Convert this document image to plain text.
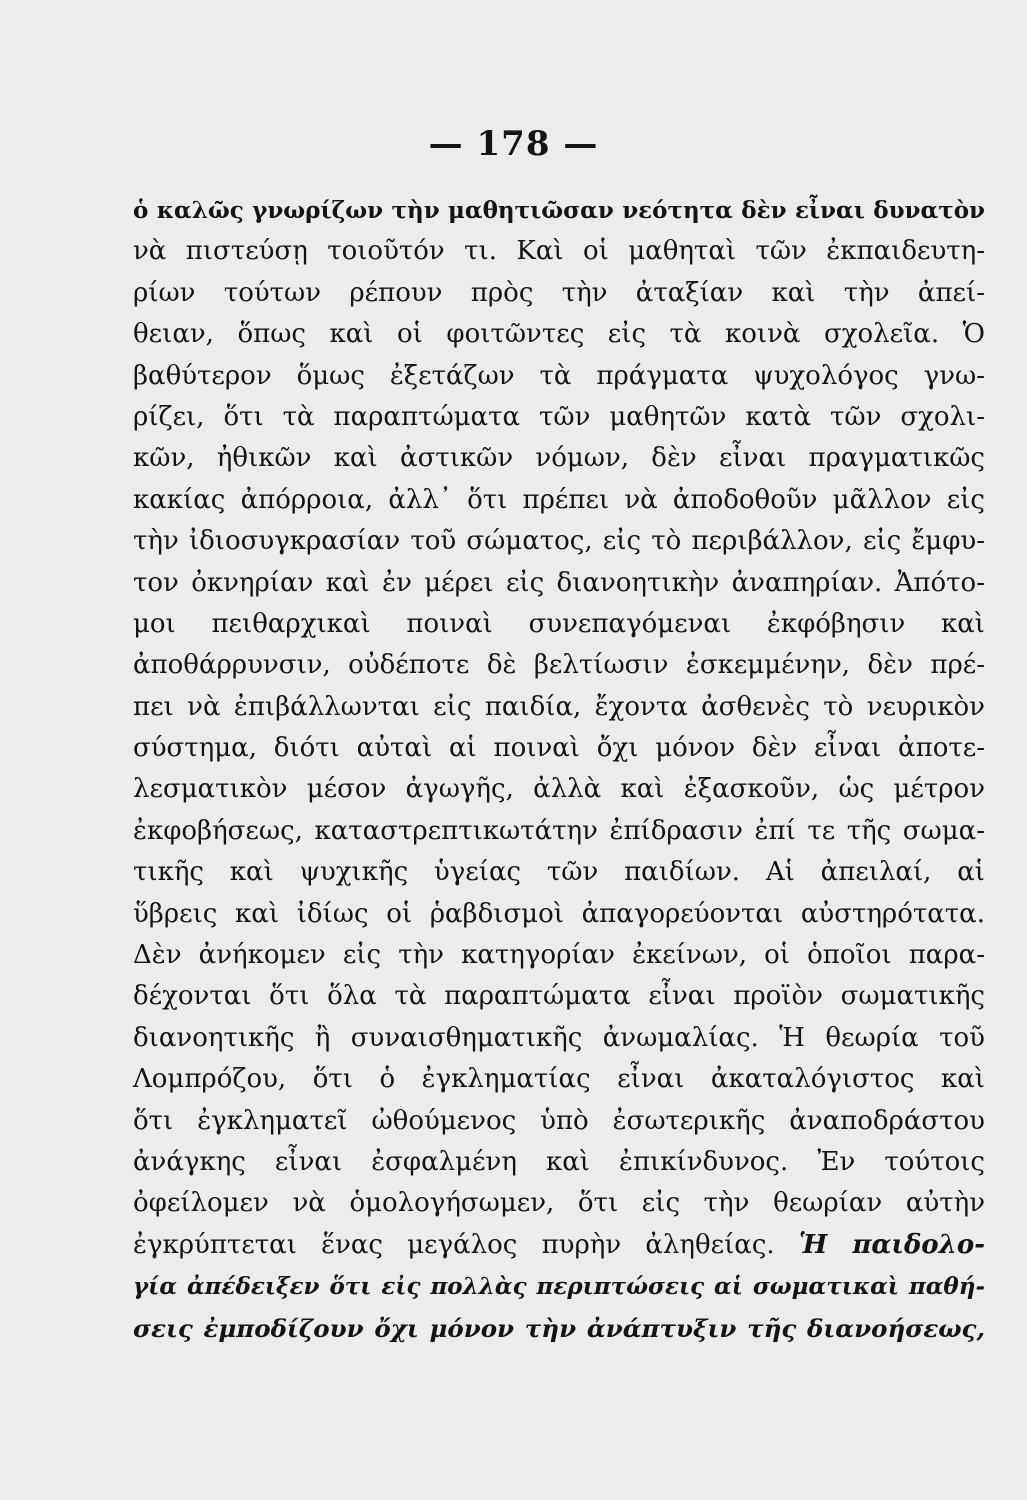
— 178 —
ὁ καλῶς γνωρίζων τὴν μαθητιῶσαν νεότητα δὲν εἶναι δυνατὸν
νὰ πιστεύσῃ τοιοῦτόν τι. Καὶ οἱ μαθηταὶ τῶν ἐκπαιδευτη-
ρίων τούτων ρέπουν πρὸς τὴν ἀταξίαν καὶ τὴν ἀπεί-
θειαν, ὅπως καὶ οἱ φοιτῶντες εἰς τὰ κοινὰ σχολεῖα. Ὁ
βαθύτερον ὅμως ἐξετάζων τὰ πράγματα ψυχολόγος γνω-
ρίζει, ὅτι τὰ παραπτώματα τῶν μαθητῶν κατὰ τῶν σχολι-
κῶν, ἠθικῶν καὶ ἀστικῶν νόμων, δὲν εἶναι πραγματικῶς
κακίας ἀπόρροια, ἀλλ᾽ ὅτι πρέπει νὰ ἀποδοθοῦν μᾶλλον εἰς
τὴν ἰδιοσυγκρασίαν τοῦ σώματος, εἰς τὸ περιβάλλον, εἰς ἔμφυ-
τον ὀκνηρίαν καὶ ἐν μέρει εἰς διανοητικὴν ἀναπηρίαν. Ἀπότο-
μοι πειθαρχικαὶ ποιναὶ συνεπαγόμεναι ἐκφόβησιν καὶ
ἀποθάρρυνσιν, οὐδέποτε δὲ βελτίωσιν ἐσκεμμένην, δὲν πρέ-
πει νὰ ἐπιβάλλωνται εἰς παιδία, ἔχοντα ἀσθενὲς τὸ νευρικὸν
σύστημα, διότι αὐταὶ αἱ ποιναὶ ὄχι μόνον δὲν εἶναι ἀποτε-
λεσματικὸν μέσον ἀγωγῆς, ἀλλὰ καὶ ἐξασκοῦν, ὡς μέτρον
ἐκφοβήσεως, καταστρεπτικωτάτην ἐπίδρασιν ἐπί τε τῆς σωμα-
τικῆς καὶ ψυχικῆς ὑγείας τῶν παιδίων. Αἱ ἀπειλαί, αἱ
ὕβρεις καὶ ἰδίως οἱ ῥαβδισμοὶ ἀπαγορεύονται αὐστηρότατα.
Δὲν ἀνήκομεν εἰς τὴν κατηγορίαν ἐκείνων, οἱ ὁποῖοι παρα-
δέχονται ὅτι ὅλα τὰ παραπτώματα εἶναι προϊὸν σωματικῆς
διανοητικῆς ἢ συναισθηματικῆς ἀνωμαλίας. Ἡ θεωρία τοῦ
Λομπρόζου, ὅτι ὁ ἐγκληματίας εἶναι ἀκαταλόγιστος καὶ
ὅτι ἐγκληματεῖ ὠθούμενος ὑπὸ ἐσωτερικῆς ἀναποδράστου
ἀνάγκης εἶναι ἐσφαλμένη καὶ ἐπικίνδυνος. Ἐν τούτοις
ὀφείλομεν νὰ ὁμολογήσωμεν, ὅτι εἰς τὴν θεωρίαν αὐτὴν
ἐγκρύπτεται ἕνας μεγάλος πυρὴν ἀληθείας. Ἡ παιδολο-
γία ἀπέδειξεν ὅτι εἰς πολλὰς περιπτώσεις αἱ σωματικαὶ παθή-
σεις ἐμποδίζουν ὄχι μόνον τὴν ἀνάπτυξιν τῆς διανοήσεως,
